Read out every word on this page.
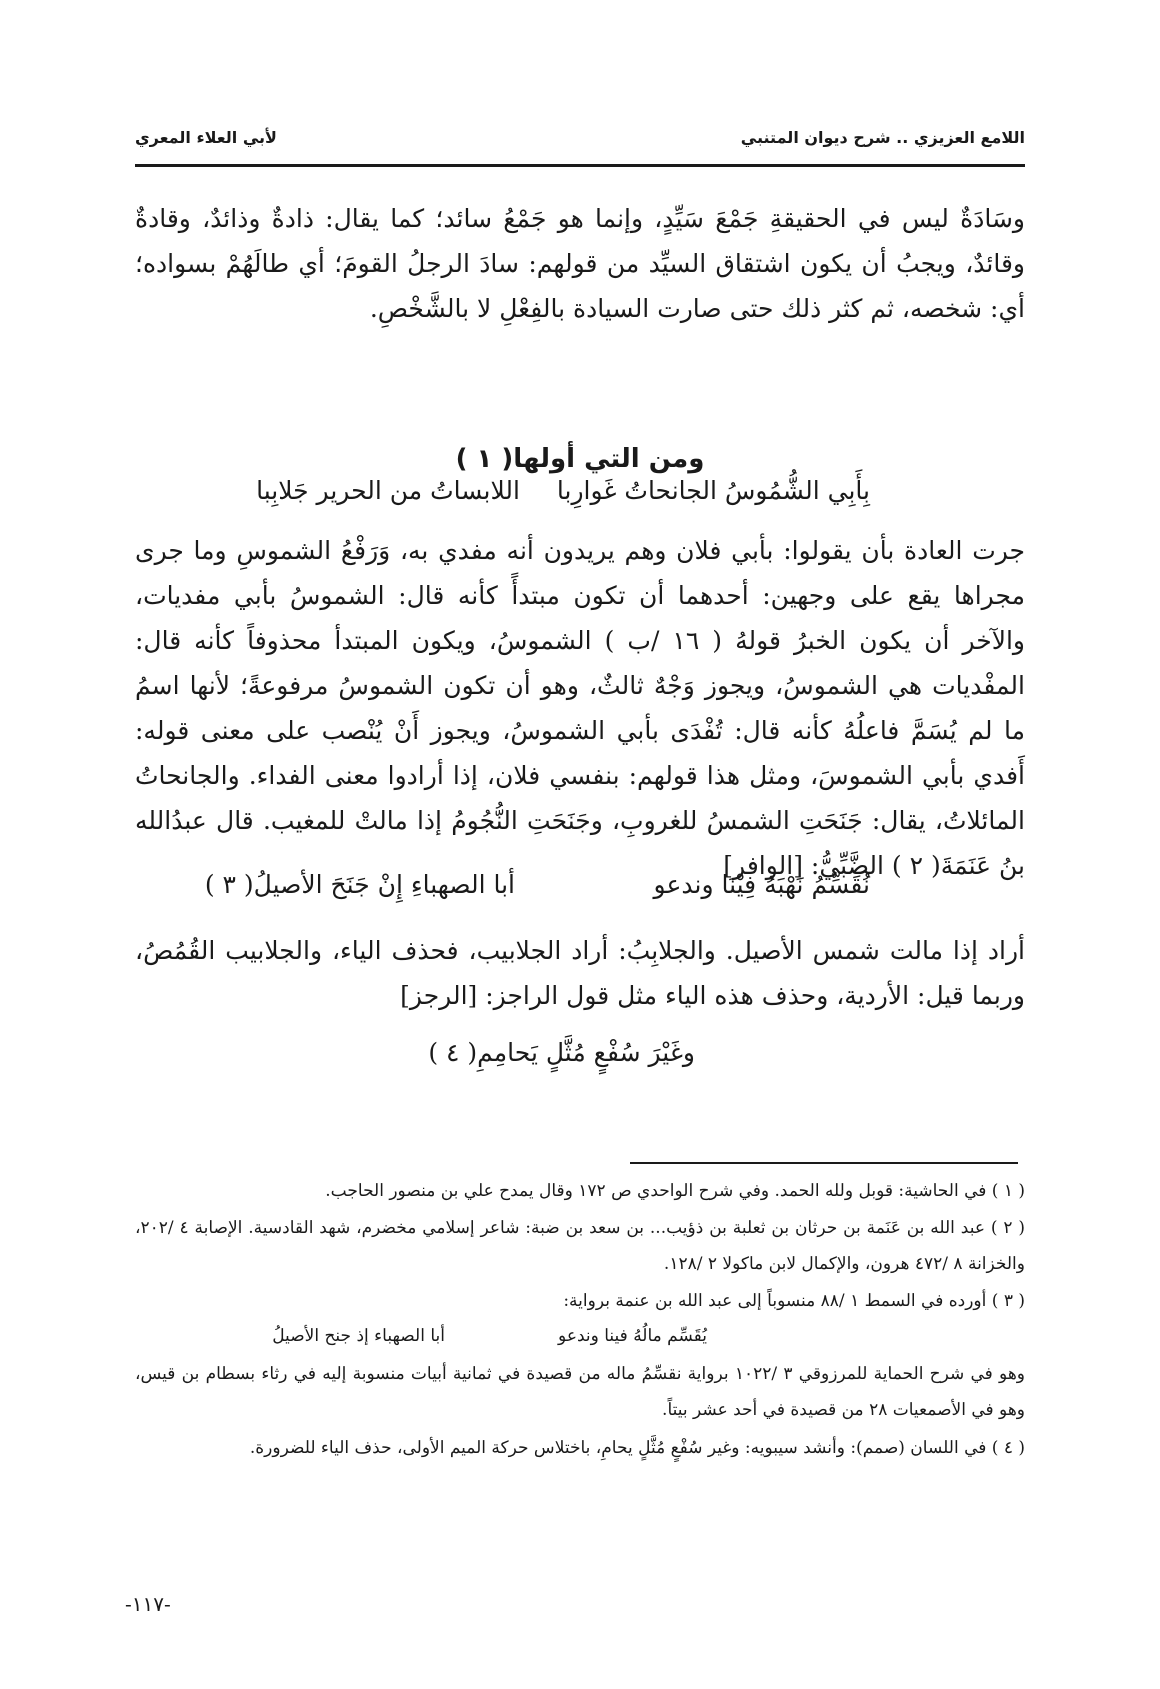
اللامع العزيزي .. شرح ديوان المتنبي
لأبي العلاء المعري

وسَادَةٌ ليس في الحقيقةِ جَمْعَ سَيِّدٍ، وإنما هو جَمْعُ سائد؛ كما يقال: ذادةٌ وذائدٌ، وقادةٌ وقائدٌ، ويجبُ أن يكون اشتقاق السيِّد من قولهم: سادَ الرجلُ القومَ؛ أي طالَهُمْ بسواده؛ أي: شخصه، ثم كثر ذلك حتى صارت السيادة بالفِعْلِ لا بالشَّخْصِ.

ومن التي أولها( ١ )
بِأَبِي الشُّمُوسُ الجانحاتُ غَوارِبا
اللابساتُ من الحرير جَلابِبا

جرت العادة بأن يقولوا: بأبي فلان وهم يريدون أنه مفدي به، وَرَفْعُ الشموسِ وما جرى مجراها يقع على وجهين: أحدهما أن تكون مبتدأً كأنه قال: الشموسُ بأبي مفديات، والآخر أن يكون الخبرُ قولهُ ( ١٦ /ب ) الشموسُ، ويكون المبتدأ محذوفاً كأنه قال: المفْديات هي الشموسُ، ويجوز وَجْهٌ ثالثٌ، وهو أن تكون الشموسُ مرفوعةً؛ لأنها اسمُ ما لم يُسَمَّ فاعلُهُ كأنه قال: تُفْدَى بأبي الشموسُ، ويجوز أَنْ يُنْصب على معنى قوله: أَفدي بأبي الشموسَ، ومثل هذا قولهم: بنفسي فلان، إذا أرادوا معنى الفداء. والجانحاتُ المائلاتُ، يقال: جَنَحَتِ الشمسُ للغروبِ، وجَنَحَتِ النُّجُومُ إذا مالتْ للمغيب. قال عبدُالله بنُ عَنَمَةَ( ٢ ) الضَّبِّيُّ: [الوافر]

نُقَسِّمُ نَهْبَهُ فِيْنَا وندعو
أبا الصهباءِ إِنْ جَنَحَ الأصيلُ( ٣ )

أراد إذا مالت شمس الأصيل. والجلابِبُ: أراد الجلابيب، فحذف الياء، والجلابيب القُمُصُ، وربما قيل: الأردية، وحذف هذه الياء مثل قول الراجز: [الرجز]

وغَيْرَ سُفْعٍ مُثَّلٍ يَحامِمِ( ٤ )

( ١ ) في الحاشية: قوبل ولله الحمد. وفي شرح الواحدي ص ١٧٢ وقال يمدح علي بن منصور الحاجب.

( ٢ ) عبد الله بن عَنَمة بن حرثان بن ثعلبة بن ذؤيب... بن سعد بن ضبة: شاعر إسلامي مخضرم، شهد القادسية. الإصابة ٤ /٢٠٢، والخزانة ٨ /٤٧٢ هرون، والإكمال لابن ماكولا ٢ /١٢٨.

( ٣ ) أورده في السمط ١ /٨٨ منسوباً إلى عبد الله بن عنمة برواية:

يُقَسِّم مالُهُ فينا وندعو
أبا الصهباء إذ جنح الأصيلُ

وهو في شرح الحماية للمرزوقي ٣ /١٠٢٢ برواية نقسِّمُ ماله من قصيدة في ثمانية أبيات منسوبة إليه في رثاء بسطام بن قيس، وهو في الأصمعيات ٢٨ من قصيدة في أحد عشر بيتاً.

( ٤ ) في اللسان (صمم): وأنشد سيبويه: وغير سُفْعٍ مُثَّلٍ يحامِ، باختلاس حركة الميم الأولى، حذف الياء للضرورة.

-١١٧-
